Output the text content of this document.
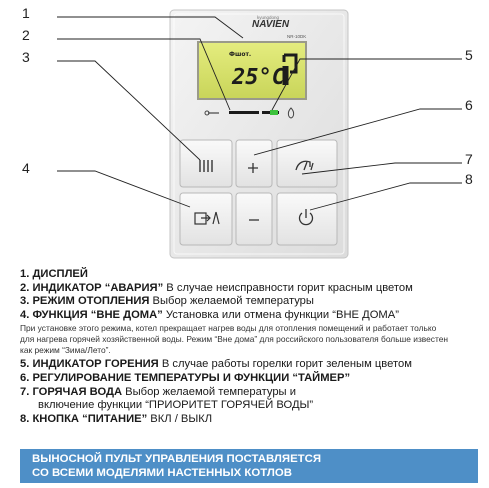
kyungdong
NAVIEN
NR-10DK
Фшот.
25°C
1
2
3
4
5
6
7
8
1. ДИСПЛЕЙ
2. ИНДИКАТОР “АВАРИЯ” В случае неисправности горит красным цветом
3. РЕЖИМ ОТОПЛЕНИЯ Выбор желаемой температуры
4. ФУНКЦИЯ “ВНЕ ДОМА” Установка или отмена функции “ВНЕ ДОМА”
При установке этого режима, котел прекращает нагрев воды для отопления помещений и работает только
для нагрева горячей хозяйственной воды. Режим “Вне дома” для российского пользователя больше известен
как режим “Зима/Лето”.
5. ИНДИКАТОР ГОРЕНИЯ В случае работы горелки горит зеленым цветом
6. РЕГУЛИРОВАНИЕ ТЕМПЕРАТУРЫ И ФУНКЦИИ “ТАЙМЕР”
7. ГОРЯЧАЯ ВОДА Выбор желаемой температуры и
включение функции “ПРИОРИТЕТ ГОРЯЧЕЙ ВОДЫ”
8. КНОПКА “ПИТАНИЕ” ВКЛ / ВЫКЛ
ВЫНОСНОЙ ПУЛЬТ УПРАВЛЕНИЯ ПОСТАВЛЯЕТСЯ
СО ВСЕМИ МОДЕЛЯМИ НАСТЕННЫХ КОТЛОВ
